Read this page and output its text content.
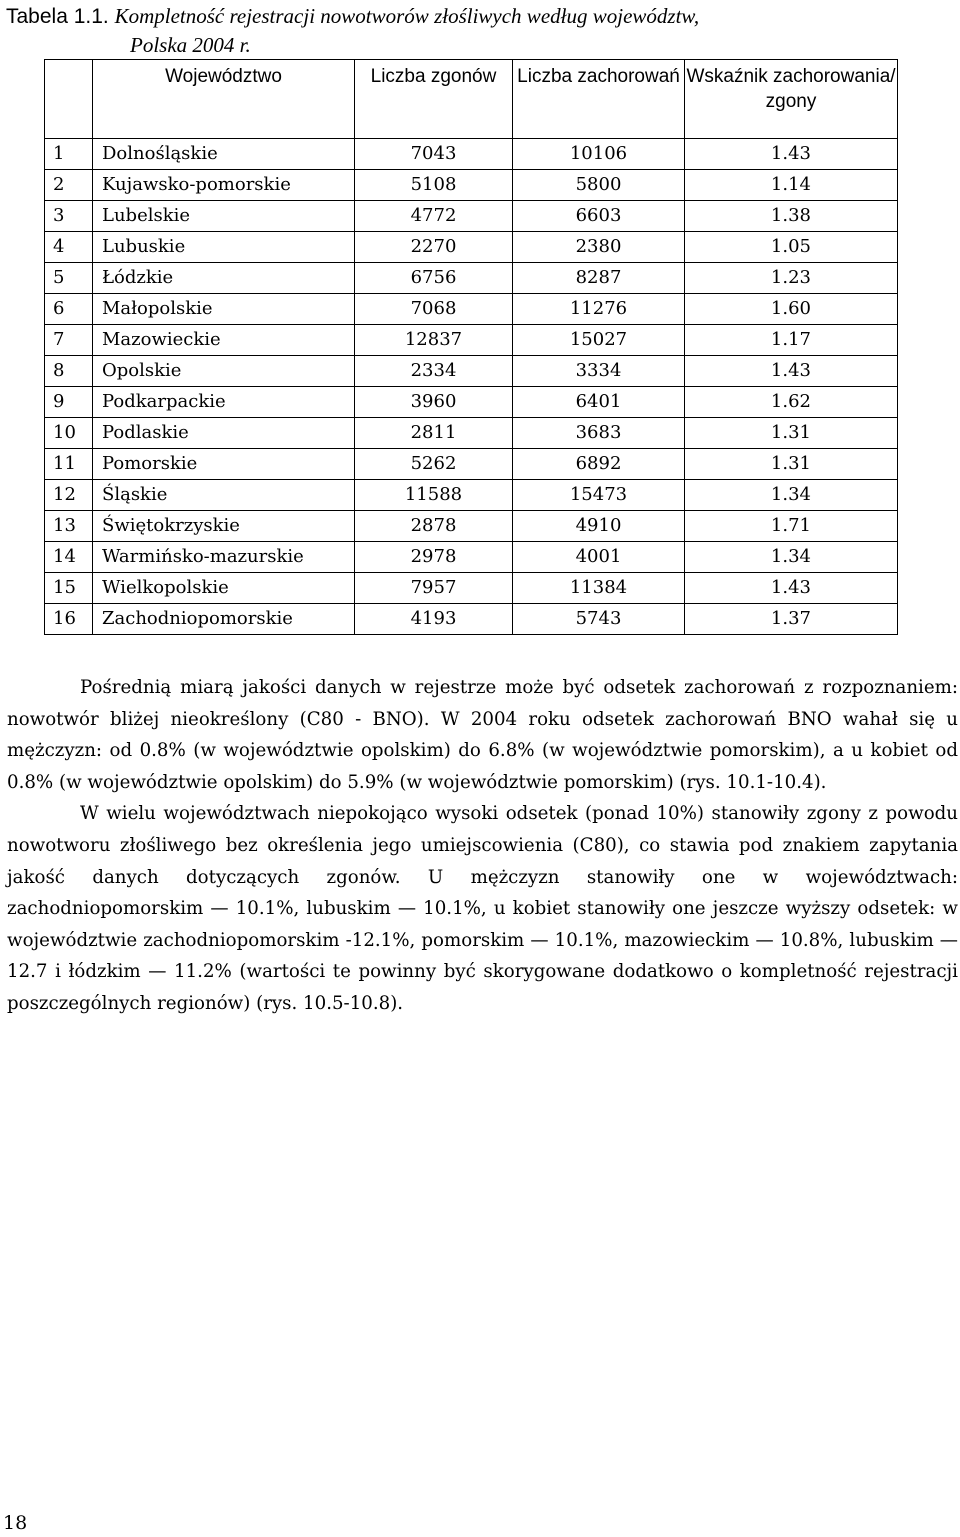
Tabela 1.1. Kompletność rejestracji nowotworów złośliwych według województw,
Polska 2004 r.
	Województwo	Liczba zgonów	Liczba zachorowań	Wskaźnik zachorowania/ zgony
1	Dolnośląskie	7043	10106	1.43
2	Kujawsko-pomorskie	5108	5800	1.14
3	Lubelskie	4772	6603	1.38
4	Lubuskie	2270	2380	1.05
5	Łódzkie	6756	8287	1.23
6	Małopolskie	7068	11276	1.60
7	Mazowieckie	12837	15027	1.17
8	Opolskie	2334	3334	1.43
9	Podkarpackie	3960	6401	1.62
10	Podlaskie	2811	3683	1.31
11	Pomorskie	5262	6892	1.31
12	Śląskie	11588	15473	1.34
13	Świętokrzyskie	2878	4910	1.71
14	Warmińsko-mazurskie	2978	4001	1.34
15	Wielkopolskie	7957	11384	1.43
16	Zachodniopomorskie	4193	5743	1.37

Pośrednią miarą jakości danych w rejestrze może być odsetek zachorowań z rozpoznaniem: nowotwór bliżej nieokreślony (C80 - BNO). W 2004 roku odsetek zachorowań BNO wahał się u mężczyzn: od 0.8% (w województwie opolskim) do 6.8% (w województwie pomorskim), a u kobiet od 0.8% (w województwie opolskim) do 5.9% (w województwie pomorskim) (rys. 10.1-10.4).

W wielu województwach niepokojąco wysoki odsetek (ponad 10%) stanowiły zgony z powodu nowotworu złośliwego bez określenia jego umiejscowienia (C80), co stawia pod znakiem zapytania jakość danych dotyczących zgonów. U mężczyzn stanowiły one w województwach: zachodniopomorskim — 10.1%, lubuskim — 10.1%, u kobiet stanowiły one jeszcze wyższy odsetek: w województwie zachodniopomorskim -12.1%, pomorskim — 10.1%, mazowieckim — 10.8%, lubuskim — 12.7 i łódzkim — 11.2% (wartości te powinny być skorygowane dodatkowo o kompletność rejestracji poszczególnych regionów) (rys. 10.5-10.8).

18
